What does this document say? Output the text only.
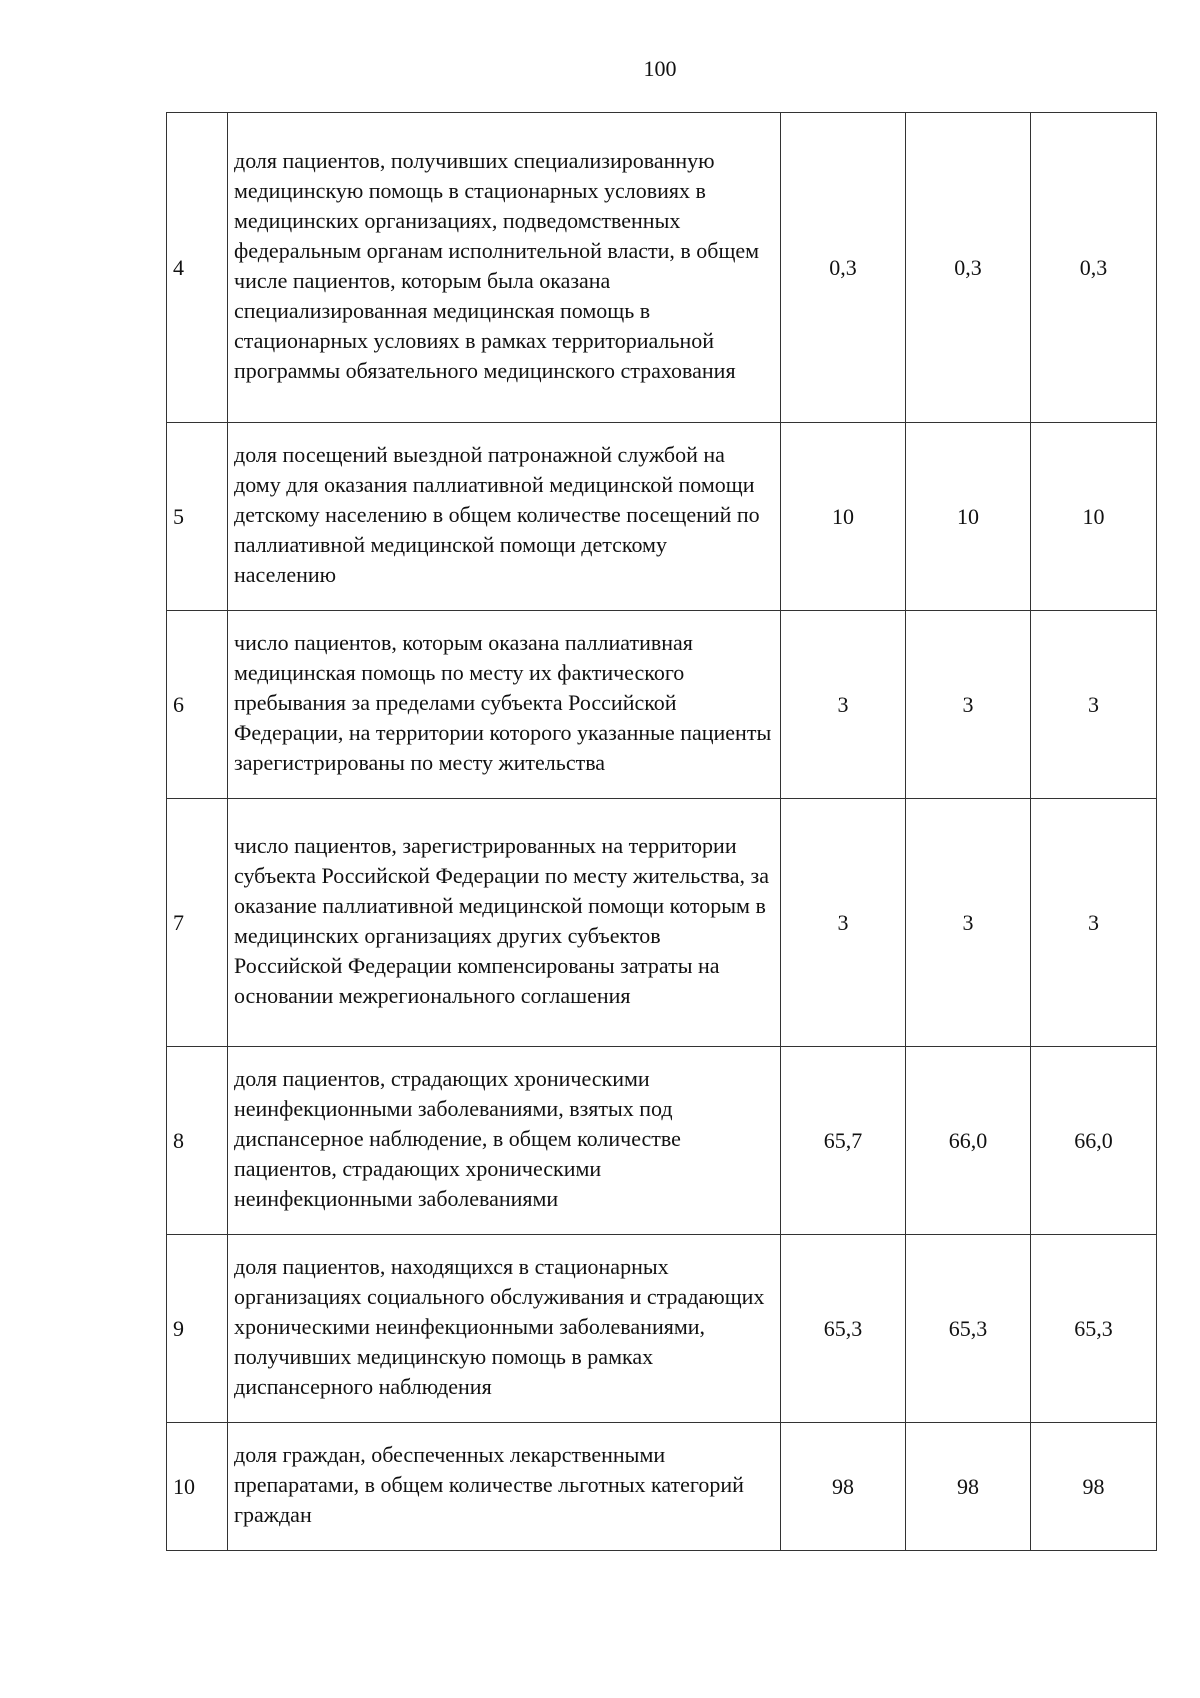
100
4	доля пациентов, получивших специализированную медицинскую помощь в стационарных условиях в медицинских организациях, подведомственных федеральным органам исполнительной власти, в общем числе пациентов, которым была оказана специализированная медицинская помощь в стационарных условиях в рамках территориальной программы обязательного медицинского страхования	0,3	0,3	0,3
5	доля посещений выездной патронажной службой на дому для оказания паллиативной медицинской помощи детскому населению в общем количестве посещений по паллиативной медицинской помощи детскому населению	10	10	10
6	число пациентов, которым оказана паллиативная медицинская помощь по месту их фактического пребывания за пределами субъекта Российской Федерации, на территории которого указанные пациенты зарегистрированы по месту жительства	3	3	3
7	число пациентов, зарегистрированных на территории субъекта Российской Федерации по месту жительства, за оказание паллиативной медицинской помощи которым в медицинских организациях других субъектов Российской Федерации компенсированы затраты на основании межрегионального соглашения	3	3	3
8	доля пациентов, страдающих хроническими неинфекционными заболеваниями, взятых под диспансерное наблюдение, в общем количестве пациентов, страдающих хроническими неинфекционными заболеваниями	65,7	66,0	66,0
9	доля пациентов, находящихся в стационарных организациях социального обслуживания и страдающих хроническими неинфекционными заболеваниями, получивших медицинскую помощь в рамках диспансерного наблюдения	65,3	65,3	65,3
10	доля граждан, обеспеченных лекарственными препаратами, в общем количестве льготных категорий граждан	98	98	98
